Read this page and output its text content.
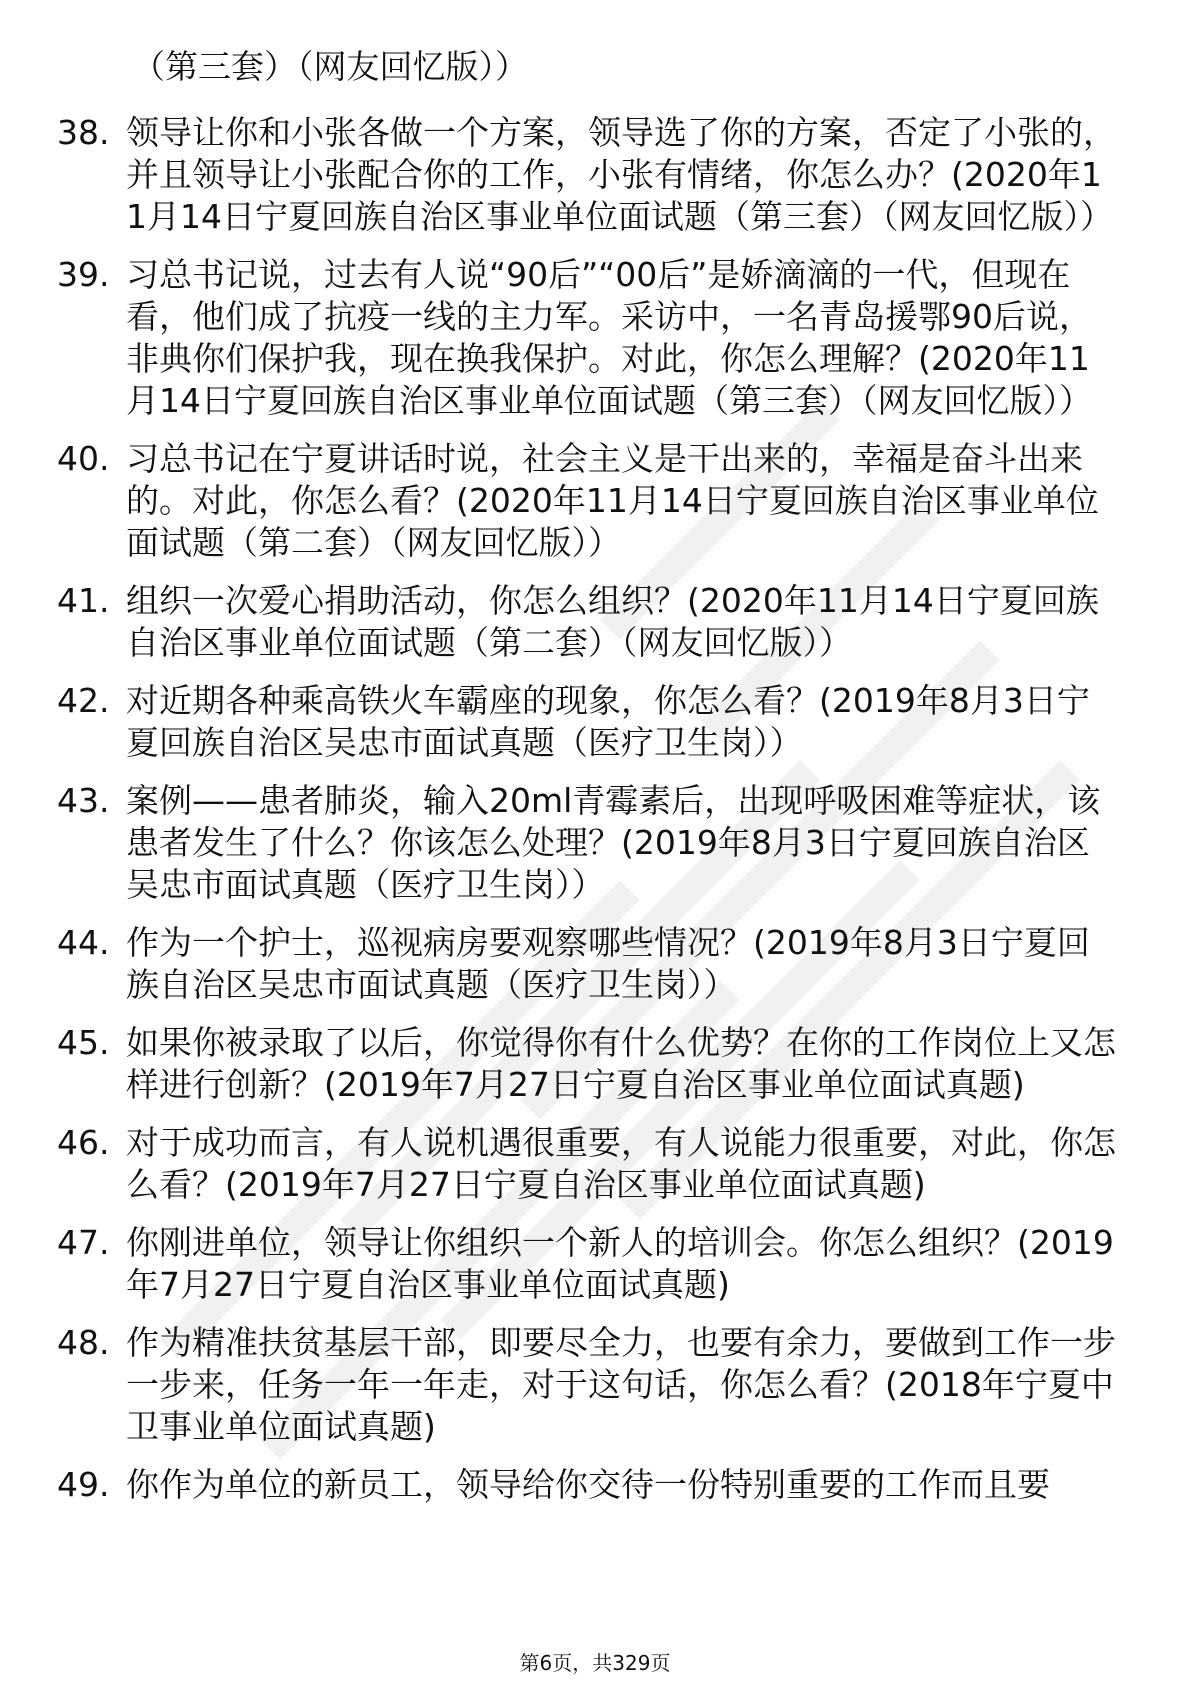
（第三套）（网友回忆版））
38. 领导让你和小张各做一个方案，领导选了你的方案，否定了小张的，并且领导让小张配合你的工作，小张有情绪，你怎么办？(2020年11月14日宁夏回族自治区事业单位面试题（第三套）（网友回忆版））
39. 习总书记说，过去有人说“90后”“00后”是娇滴滴的一代，但现在看，他们成了抗疫一线的主力军。采访中，一名青岛援鄂90后说，非典你们保护我，现在换我保护。对此，你怎么理解？(2020年11月14日宁夏回族自治区事业单位面试题（第三套）（网友回忆版））
40. 习总书记在宁夏讲话时说，社会主义是干出来的，幸福是奋斗出来的。对此，你怎么看？(2020年11月14日宁夏回族自治区事业单位面试题（第二套）（网友回忆版））
41. 组织一次爱心捐助活动，你怎么组织？(2020年11月14日宁夏回族自治区事业单位面试题（第二套）（网友回忆版））
42. 对近期各种乘高铁火车霸座的现象，你怎么看？(2019年8月3日宁夏回族自治区吴忠市面试真题（医疗卫生岗））
43. 案例——患者肺炎，输入20ml青霉素后，出现呼吸困难等症状，该患者发生了什么？你该怎么处理？(2019年8月3日宁夏回族自治区吴忠市面试真题（医疗卫生岗））
44. 作为一个护士，巡视病房要观察哪些情况？(2019年8月3日宁夏回族自治区吴忠市面试真题（医疗卫生岗））
45. 如果你被录取了以后，你觉得你有什么优势？在你的工作岗位上又怎样进行创新？(2019年7月27日宁夏自治区事业单位面试真题)
46. 对于成功而言，有人说机遇很重要，有人说能力很重要，对此，你怎么看？(2019年7月27日宁夏自治区事业单位面试真题)
47. 你刚进单位，领导让你组织一个新人的培训会。你怎么组织？(2019年7月27日宁夏自治区事业单位面试真题)
48. 作为精准扶贫基层干部，即要尽全力，也要有余力，要做到工作一步一步来，任务一年一年走，对于这句话，你怎么看？(2018年宁夏中卫事业单位面试真题)
49. 你作为单位的新员工，领导给你交待一份特别重要的工作而且要
第6页，共329页
